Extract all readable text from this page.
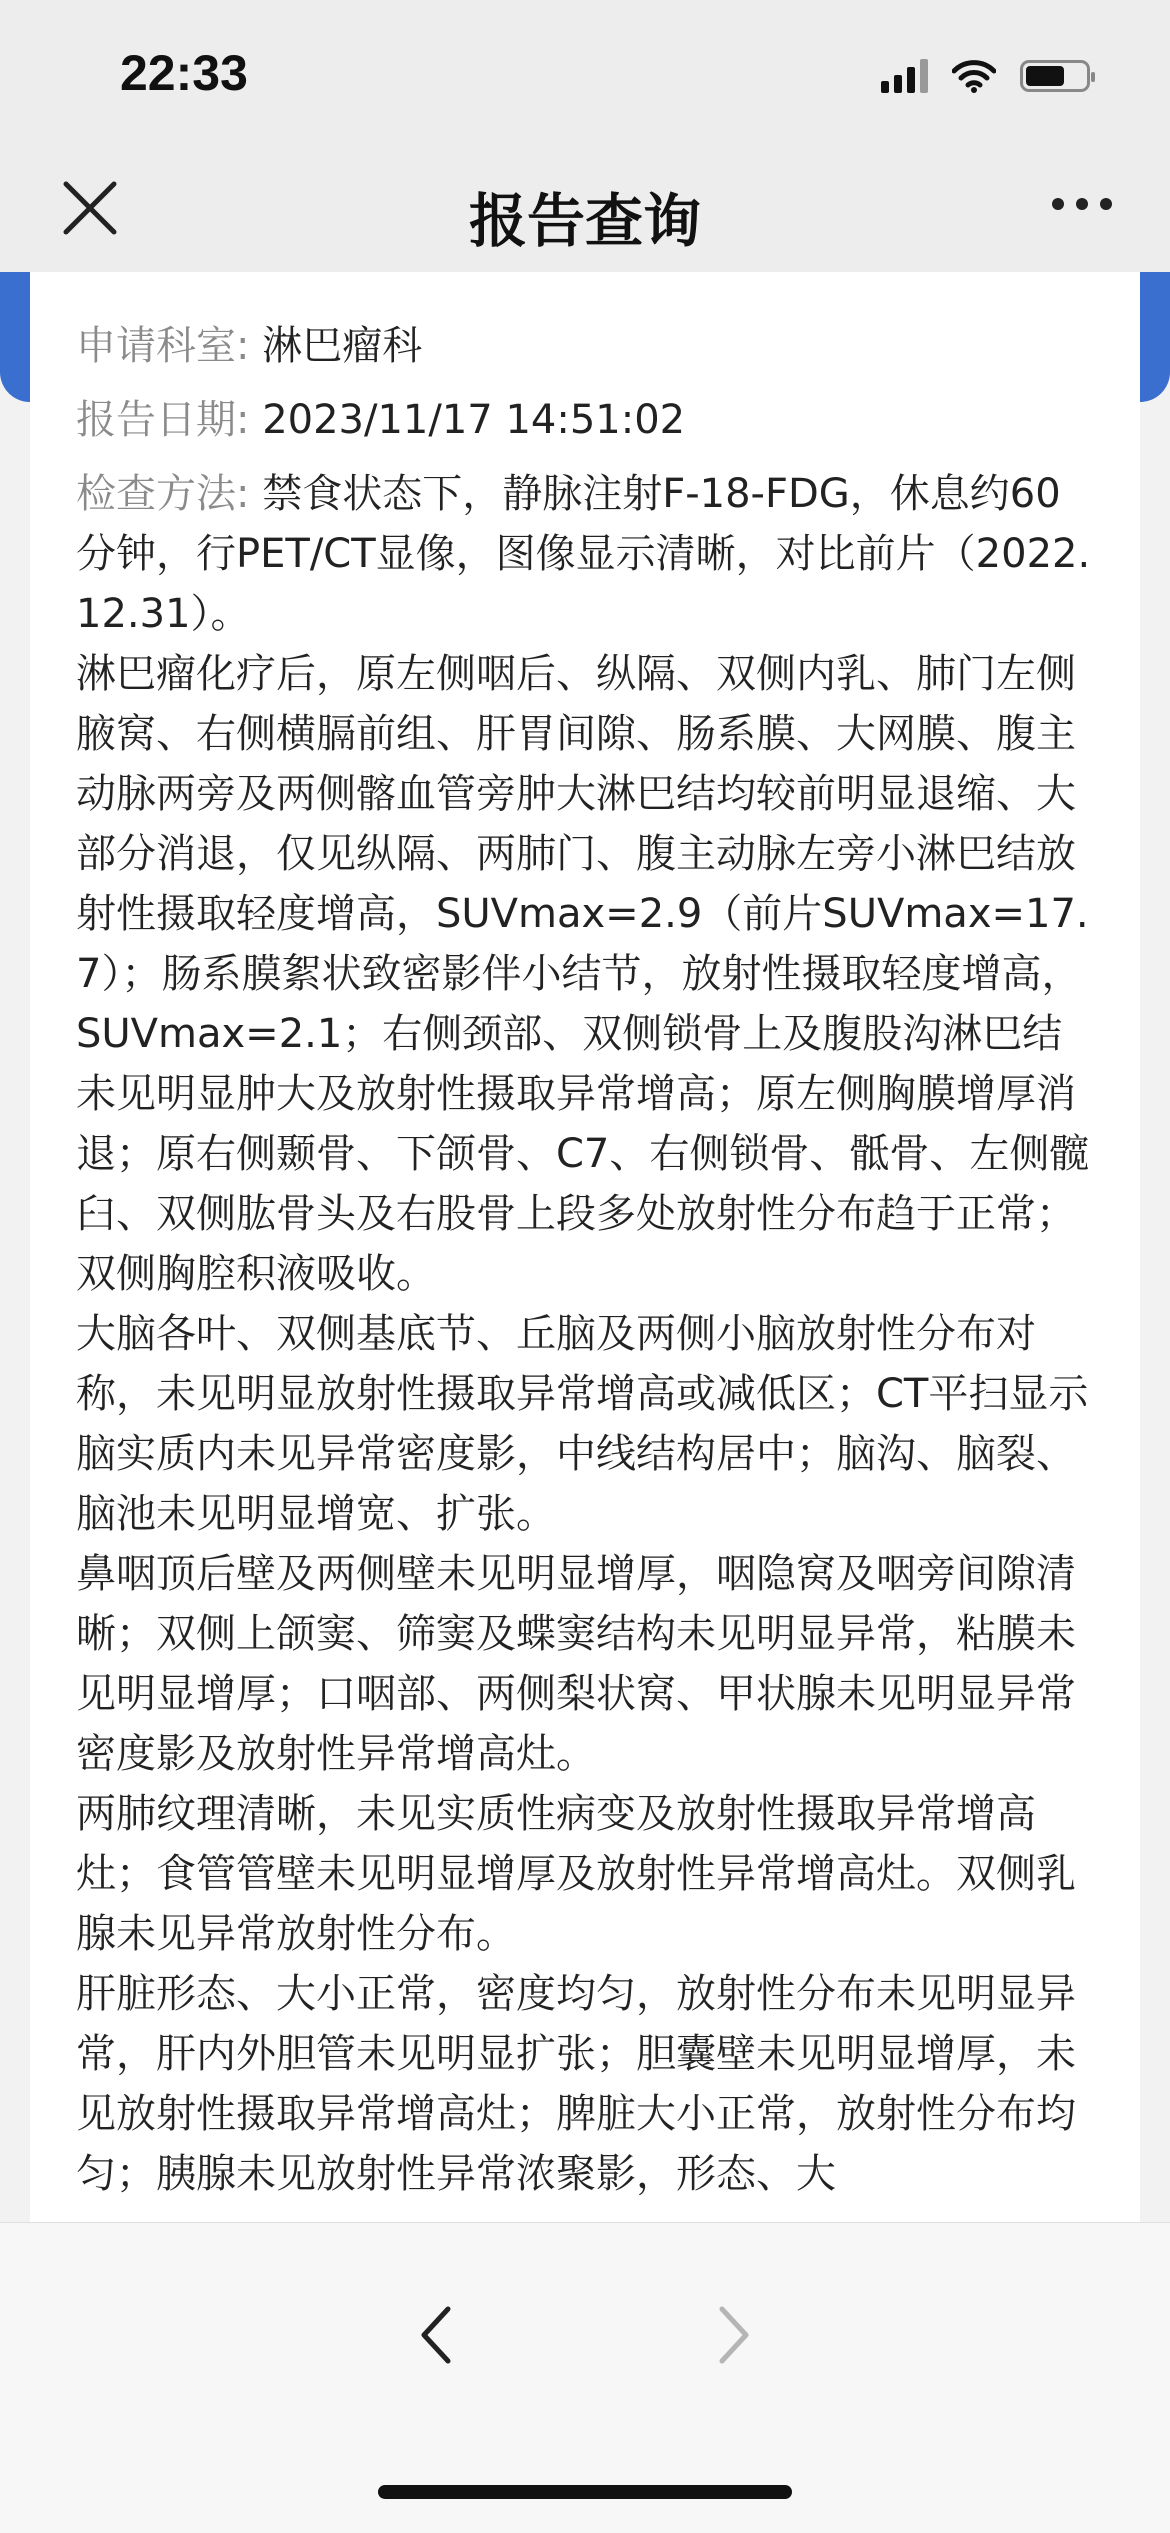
22:33
报告查询
申请科室: 淋巴瘤科
报告日期: 2023/11/17 14:51:02
检查方法: 禁食状态下，静脉注射F-18-FDG，休息约60分钟，行PET/CT显像，图像显示清晰，对比前片（2022.12.31）。
淋巴瘤化疗后，原左侧咽后、纵隔、双侧内乳、肺门左侧腋窝、右侧横膈前组、肝胃间隙、肠系膜、大网膜、腹主动脉两旁及两侧髂血管旁肿大淋巴结均较前明显退缩、大部分消退，仅见纵隔、两肺门、腹主动脉左旁小淋巴结放射性摄取轻度增高，SUVmax=2.9（前片SUVmax=17.7）；肠系膜絮状致密影伴小结节，放射性摄取轻度增高，SUVmax=2.1；右侧颈部、双侧锁骨上及腹股沟淋巴结未见明显肿大及放射性摄取异常增高；原左侧胸膜增厚消退；原右侧颞骨、下颌骨、C7、右侧锁骨、骶骨、左侧髋臼、双侧肱骨头及右股骨上段多处放射性分布趋于正常；双侧胸腔积液吸收。
大脑各叶、双侧基底节、丘脑及两侧小脑放射性分布对称，未见明显放射性摄取异常增高或减低区；CT平扫显示脑实质内未见异常密度影，中线结构居中；脑沟、脑裂、脑池未见明显增宽、扩张。
鼻咽顶后壁及两侧壁未见明显增厚，咽隐窝及咽旁间隙清晰；双侧上颌窦、筛窦及蝶窦结构未见明显异常，粘膜未见明显增厚；口咽部、两侧梨状窝、甲状腺未见明显异常密度影及放射性异常增高灶。
两肺纹理清晰，未见实质性病变及放射性摄取异常增高灶；食管管壁未见明显增厚及放射性异常增高灶。双侧乳腺未见异常放射性分布。
肝脏形态、大小正常，密度均匀，放射性分布未见明显异常，肝内外胆管未见明显扩张；胆囊壁未见明显增厚，未见放射性摄取异常增高灶；脾脏大小正常，放射性分布均匀；胰腺未见放射性异常浓聚影，形态、大
